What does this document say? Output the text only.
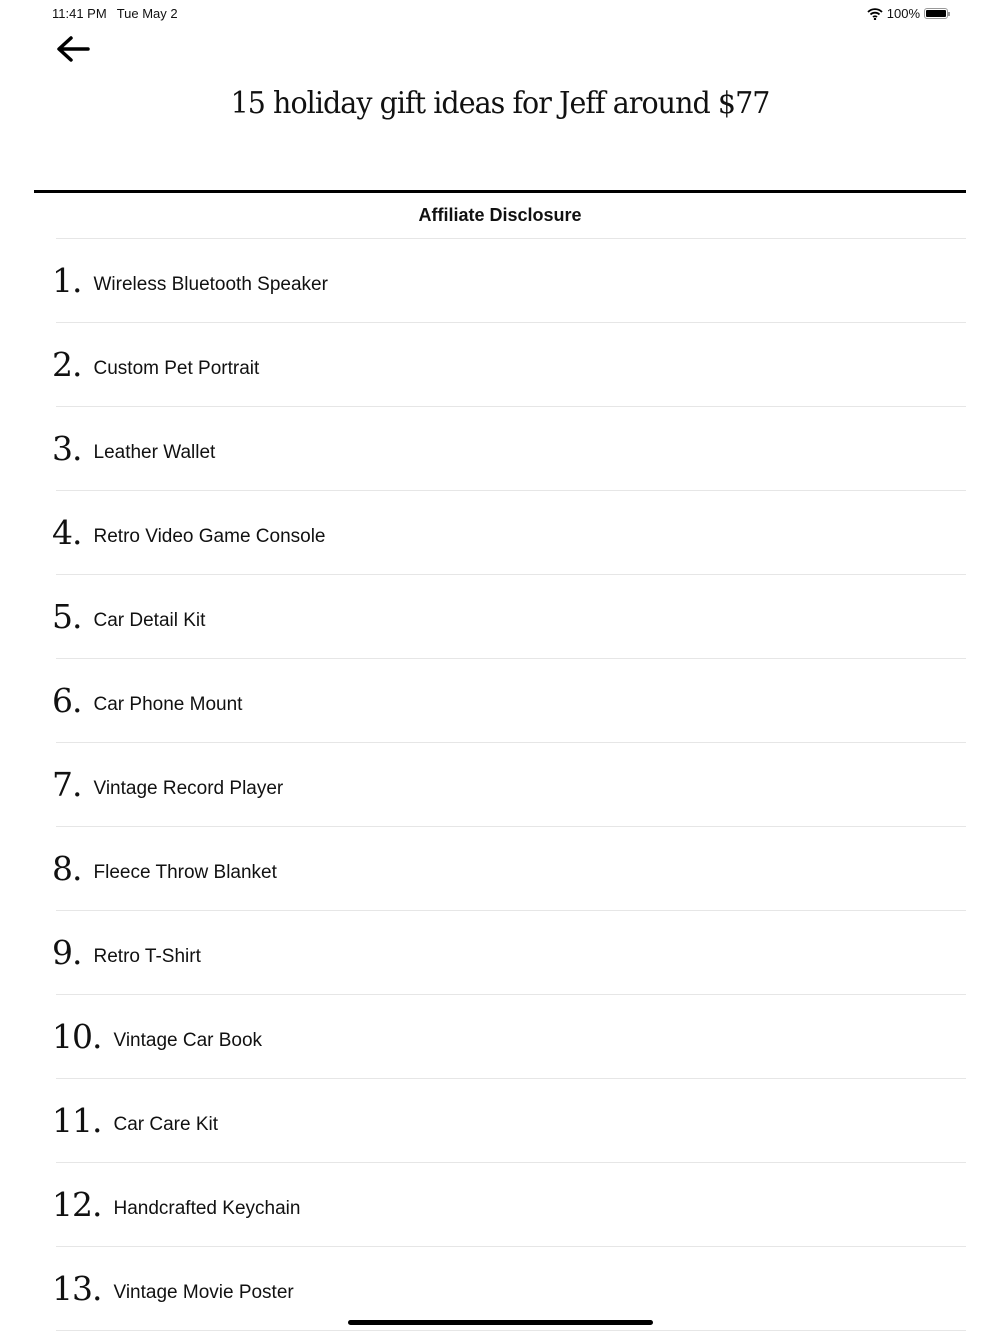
11:41 PM Tue May 2	100%
15 holiday gift ideas for Jeff around $77
Affiliate Disclosure
1. Wireless Bluetooth Speaker
2. Custom Pet Portrait
3. Leather Wallet
4. Retro Video Game Console
5. Car Detail Kit
6. Car Phone Mount
7. Vintage Record Player
8. Fleece Throw Blanket
9. Retro T-Shirt
10. Vintage Car Book
11. Car Care Kit
12. Handcrafted Keychain
13. Vintage Movie Poster
